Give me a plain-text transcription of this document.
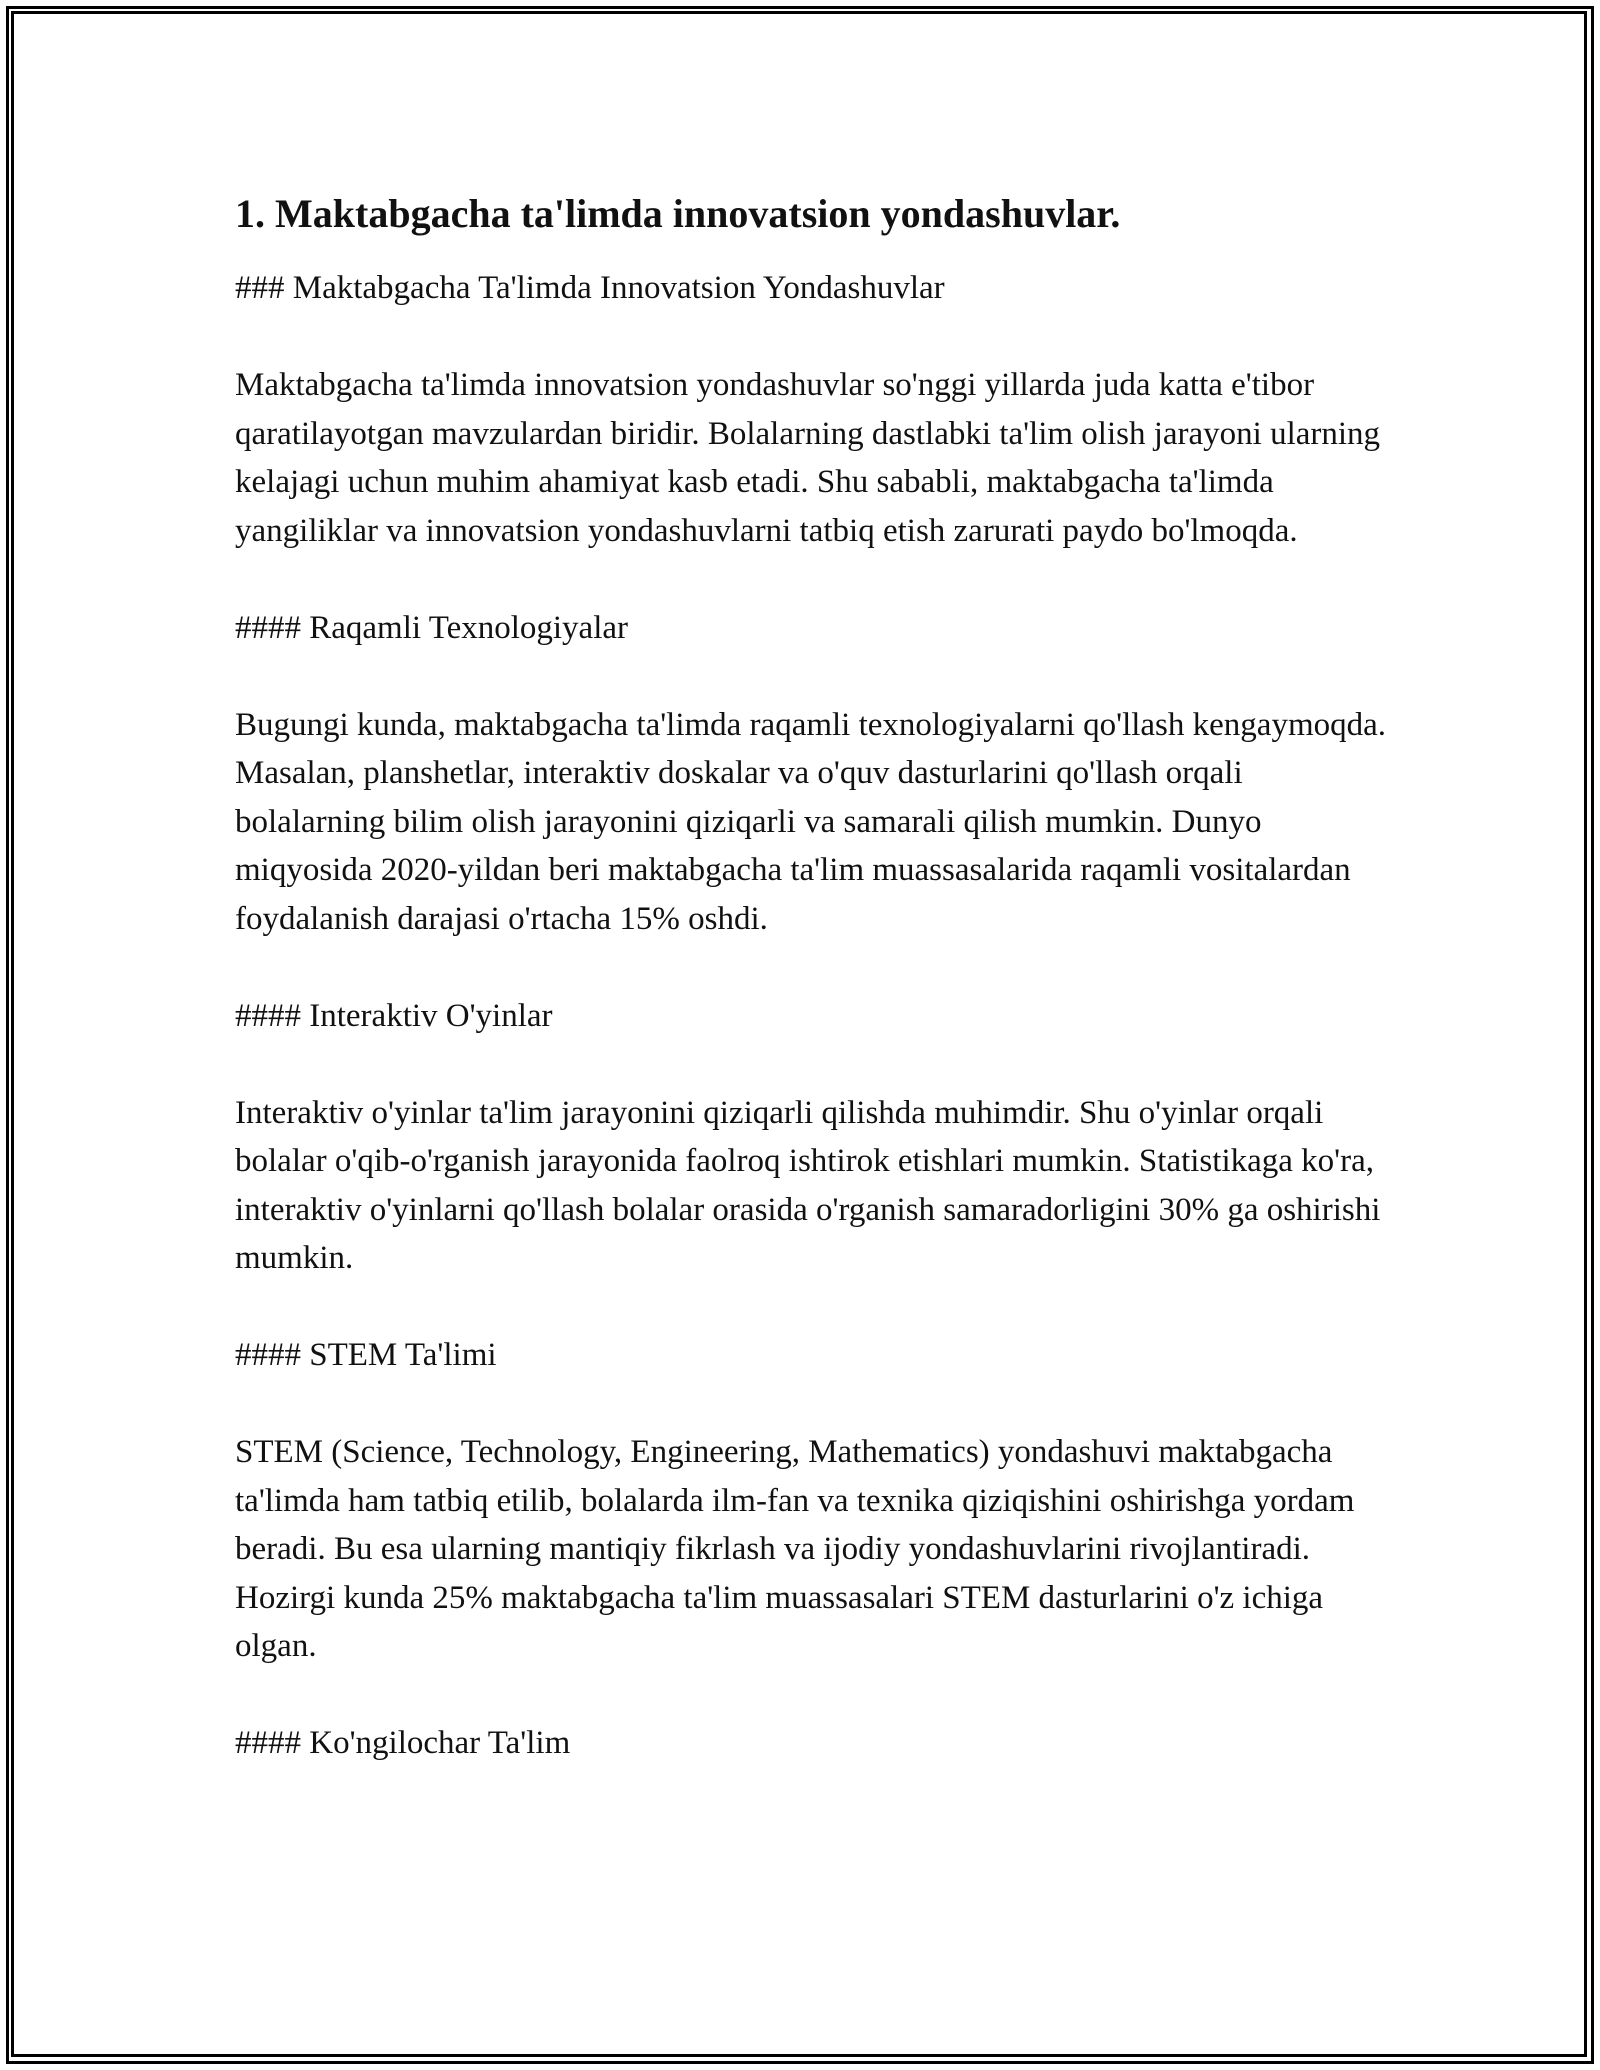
1. Maktabgacha ta'limda innovatsion yondashuvlar.
### Maktabgacha Ta'limda Innovatsion Yondashuvlar
Maktabgacha ta'limda innovatsion yondashuvlar so'nggi yillarda juda katta e'tibor qaratilayotgan mavzulardan biridir. Bolalarning dastlabki ta'lim olish jarayoni ularning kelajagi uchun muhim ahamiyat kasb etadi. Shu sababli, maktabgacha ta'limda yangiliklar va innovatsion yondashuvlarni tatbiq etish zarurati paydo bo'lmoqda.
#### Raqamli Texnologiyalar
Bugungi kunda, maktabgacha ta'limda raqamli texnologiyalarni qo'llash kengaymoqda. Masalan, planshetlar, interaktiv doskalar va o'quv dasturlarini qo'llash orqali bolalarning bilim olish jarayonini qiziqarli va samarali qilish mumkin. Dunyo miqyosida 2020-yildan beri maktabgacha ta'lim muassasalarida raqamli vositalardan foydalanish darajasi o'rtacha 15% oshdi.
#### Interaktiv O'yinlar
Interaktiv o'yinlar ta'lim jarayonini qiziqarli qilishda muhimdir. Shu o'yinlar orqali bolalar o'qib-o'rganish jarayonida faolroq ishtirok etishlari mumkin. Statistikaga ko'ra, interaktiv o'yinlarni qo'llash bolalar orasida o'rganish samaradorligini 30% ga oshirishi mumkin.
#### STEM Ta'limi
STEM (Science, Technology, Engineering, Mathematics) yondashuvi maktabgacha ta'limda ham tatbiq etilib, bolalarda ilm-fan va texnika qiziqishini oshirishga yordam beradi. Bu esa ularning mantiqiy fikrlash va ijodiy yondashuvlarini rivojlantiradi. Hozirgi kunda 25% maktabgacha ta'lim muassasalari STEM dasturlarini o'z ichiga olgan.
#### Ko'ngilochar Ta'lim
